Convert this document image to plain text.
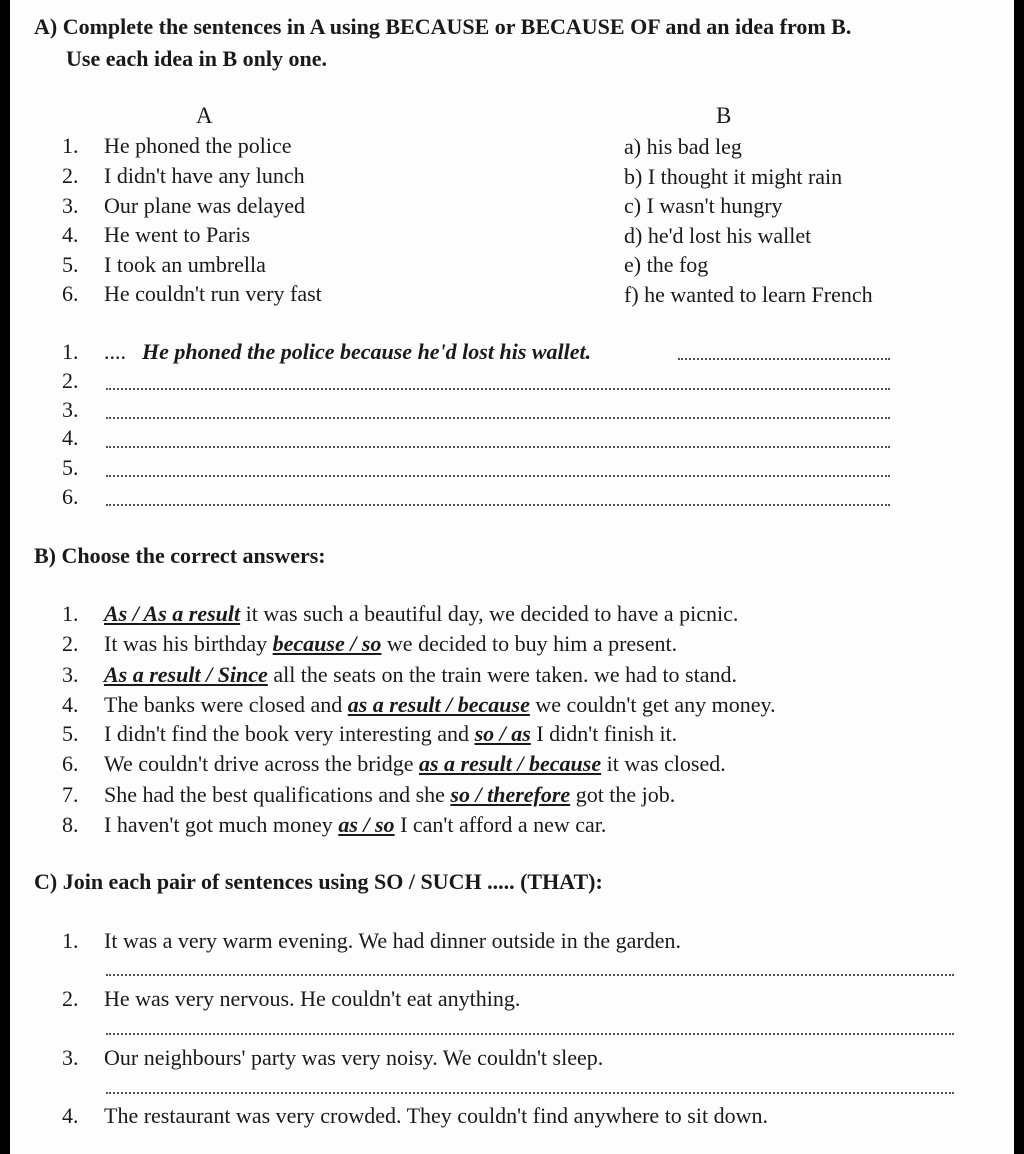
A) Complete the sentences in A using BECAUSE or BECAUSE OF and an idea from B.
Use each idea in B only one.
A	B
1. He phoned the police
2. I didn't have any lunch
3. Our plane was delayed
4. He went to Paris
5. I took an umbrella
6. He couldn't run very fast
a) his bad leg
b) I thought it might rain
c) I wasn't hungry
d) he'd lost his wallet
e) the fog
f) he wanted to learn French
1. .... He phoned the police because he'd lost his wallet.
2.
3.
4.
5.
6.
B) Choose the correct answers:
1. As / As a result it was such a beautiful day, we decided to have a picnic.
2. It was his birthday because / so we decided to buy him a present.
3. As a result / Since all the seats on the train were taken. we had to stand.
4. The banks were closed and as a result / because we couldn't get any money.
5. I didn't find the book very interesting and so / as I didn't finish it.
6. We couldn't drive across the bridge as a result / because it was closed.
7. She had the best qualifications and she so / therefore got the job.
8. I haven't got much money as / so I can't afford a new car.
C) Join each pair of sentences using SO / SUCH ..... (THAT):
1. It was a very warm evening. We had dinner outside in the garden.
2. He was very nervous. He couldn't eat anything.
3. Our neighbours' party was very noisy. We couldn't sleep.
4. The restaurant was very crowded. They couldn't find anywhere to sit down.
